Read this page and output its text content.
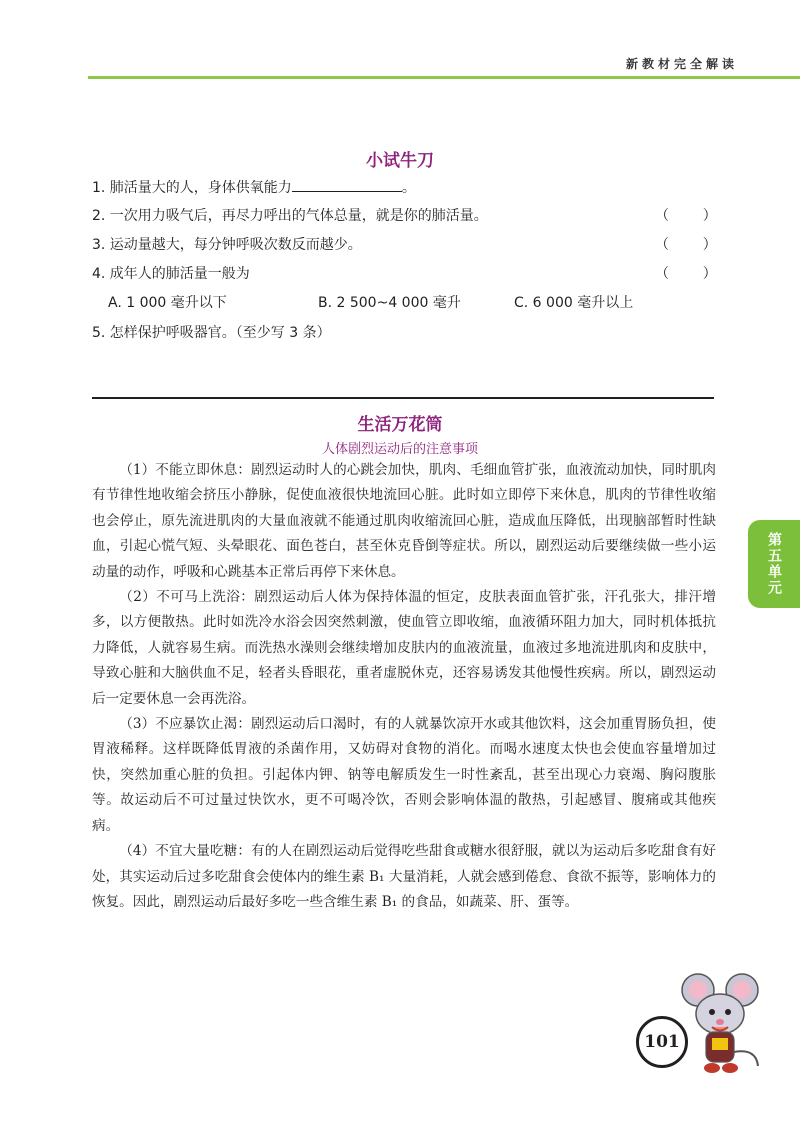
新教材完全解读
小试牛刀
1. 肺活量大的人，身体供氧能力	。
2. 一次用力吸气后，再尽力呼出的气体总量，就是你的肺活量。	（    ）
3. 运动量越大，每分钟呼吸次数反而越少。	（    ）
4. 成年人的肺活量一般为	（    ）
A. 1 000 毫升以下	B. 2 500~4 000 毫升	C. 6 000 毫升以上
5. 怎样保护呼吸器官。（至少写 3 条）
生活万花筒
人体剧烈运动后的注意事项

（1）不能立即休息：剧烈运动时人的心跳会加快，肌肉、毛细血管扩张，血液流动加快，同时肌肉有节律性地收缩会挤压小静脉，促使血液很快地流回心脏。此时如立即停下来休息，肌肉的节律性收缩也会停止，原先流进肌肉的大量血液就不能通过肌肉收缩流回心脏，造成血压降低，出现脑部暂时性缺血，引起心慌气短、头晕眼花、面色苍白，甚至休克昏倒等症状。所以，剧烈运动后要继续做一些小运动量的动作，呼吸和心跳基本正常后再停下来休息。

（2）不可马上洗浴：剧烈运动后人体为保持体温的恒定，皮肤表面血管扩张，汗孔张大，排汗增多，以方便散热。此时如洗冷水浴会因突然刺激，使血管立即收缩，血液循环阻力加大，同时机体抵抗力降低，人就容易生病。而洗热水澡则会继续增加皮肤内的血液流量，血液过多地流进肌肉和皮肤中，导致心脏和大脑供血不足，轻者头昏眼花，重者虚脱休克，还容易诱发其他慢性疾病。所以，剧烈运动后一定要休息一会再洗浴。

（3）不应暴饮止渴：剧烈运动后口渴时，有的人就暴饮凉开水或其他饮料，这会加重胃肠负担，使胃液稀释。这样既降低胃液的杀菌作用，又妨碍对食物的消化。而喝水速度太快也会使血容量增加过快，突然加重心脏的负担。引起体内钾、钠等电解质发生一时性紊乱，甚至出现心力衰竭、胸闷腹胀等。故运动后不可过量过快饮水，更不可喝冷饮，否则会影响体温的散热，引起感冒、腹痛或其他疾病。

（4）不宜大量吃糖：有的人在剧烈运动后觉得吃些甜食或糖水很舒服，就以为运动后多吃甜食有好处，其实运动后过多吃甜食会使体内的维生素 B₁ 大量消耗，人就会感到倦怠、食欲不振等，影响体力的恢复。因此，剧烈运动后最好多吃一些含维生素 B₁ 的食品，如蔬菜、肝、蛋等。

第五单元
101
